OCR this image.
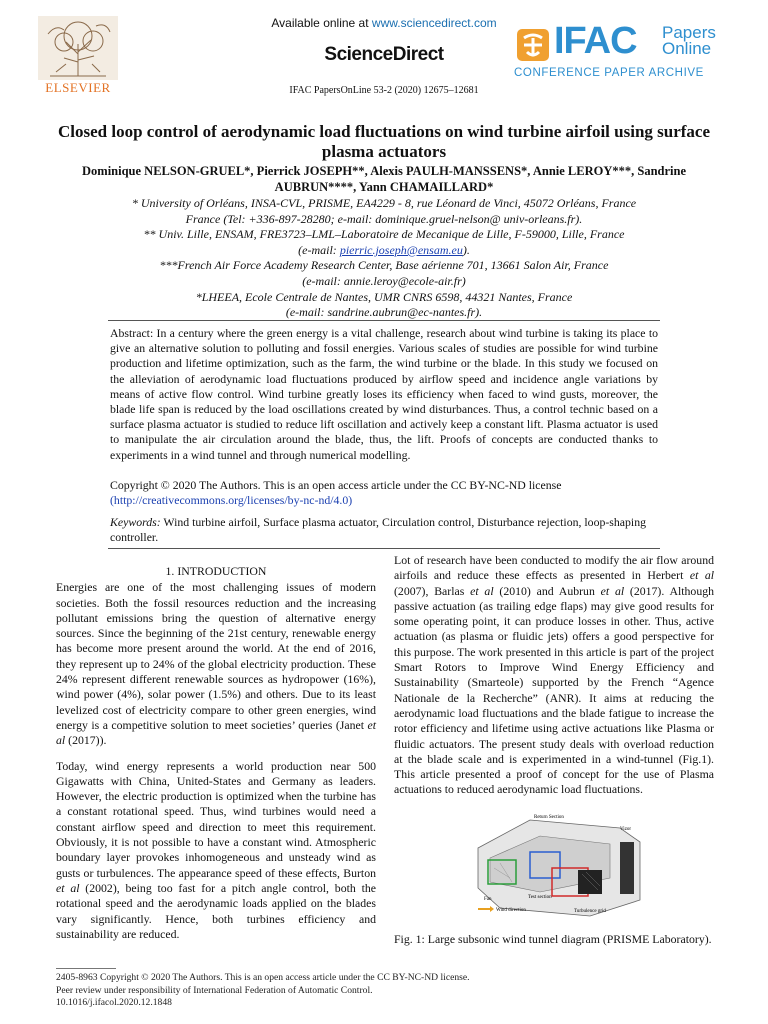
ELSEVIER
Available online at www.sciencedirect.com
ScienceDirect
IFAC PapersOnLine 53-2 (2020) 12675–12681
IFAC Papers
Online
CONFERENCE PAPER ARCHIVE
Closed loop control of aerodynamic load fluctuations on wind turbine airfoil using surface plasma actuators
Dominique NELSON-GRUEL*, Pierrick JOSEPH**, Alexis PAULH-MANSSENS*, Annie LEROY***, Sandrine AUBRUN****, Yann CHAMAILLARD*
* University of Orléans, INSA-CVL, PRISME, EA4229 - 8, rue Léonard de Vinci, 45072 Orléans, France
France (Tel: +336-897-28280; e-mail: dominique.gruel-nelson@ univ-orleans.fr).
** Univ. Lille, ENSAM, FRE3723–LML–Laboratoire de Mecanique de Lille, F-59000, Lille, France
(e-mail: pierric.joseph@ensam.eu).
***French Air Force Academy Research Center, Base aérienne 701, 13661 Salon Air, France
(e-mail: annie.leroy@ecole-air.fr)
*LHEEA, Ecole Centrale de Nantes, UMR CNRS 6598, 44321 Nantes, France
(e-mail: sandrine.aubrun@ec-nantes.fr).
Abstract: In a century where the green energy is a vital challenge, research about wind turbine is taking its place to give an alternative solution to polluting and fossil energies. Various scales of studies are possible for wind turbine production and lifetime optimization, such as the farm, the wind turbine or the blade. In this study we focused on the alleviation of aerodynamic load fluctuations produced by airflow speed and incidence angle variations by means of active flow control. Wind turbine greatly loses its efficiency when faced to wind gusts, moreover, the blade life span is reduced by the load oscillations created by wind disturbances. Thus, a control technic based on a surface plasma actuator is studied to reduce lift oscillation and actively keep a constant lift. Plasma actuator is used to manipulate the air circulation around the blade, thus, the lift. Proofs of concepts are conducted thanks to experiments in a wind tunnel and through numerical modelling.
Copyright © 2020 The Authors. This is an open access article under the CC BY-NC-ND license
(http://creativecommons.org/licenses/by-nc-nd/4.0)
Keywords: Wind turbine airfoil, Surface plasma actuator, Circulation control, Disturbance rejection, loop-shaping controller.

1. INTRODUCTION

Energies are one of the most challenging issues of modern societies. Both the fossil resources reduction and the increasing pollutant emissions bring the question of alternative energy sources. Since the beginning of the 21st century, renewable energy has become more present around the world. At the end of 2016, they represent up to 24% of the global electricity production. These 24% represent different renewable sources as hydropower (16%), wind power (4%), solar power (1.5%) and others. Due to its least levelized cost of electricity compare to other green energies, wind energy is a competitive solution to meet societies’ queries (Janet et al (2017)).

Today, wind energy represents a world production near 500 Gigawatts with China, United-States and Germany as leaders. However, the electric production is optimized when the turbine has a constant rotational speed. Thus, wind turbines would need a constant airflow speed and direction to meet this requirement. Obviously, it is not possible to have a constant wind. Atmospheric boundary layer provokes inhomogeneous and unsteady wind as gusts or turbulences. The appearance speed of these effects, Burton et al (2002), being too fast for a pitch angle control, both the rotational speed and the aerodynamic loads applied on the blades vary significantly. Hence, both turbines efficiency and sustainability are reduced.

Lot of research have been conducted to modify the air flow around airfoils and reduce these effects as presented in Herbert et al (2007), Barlas et al (2010) and Aubrun et al (2017). Although passive actuation (as trailing edge flaps) may give good results for some operating point, it can produce losses in other. Thus, active actuation (as plasma or fluidic jets) offers a good perspective for this purpose. The work presented in this article is part of the project Smart Rotors to Improve Wind Energy Efficiency and Sustainability (Smarteole) supported by the French “Agence Nationale de la Recherche” (ANR). It aims at reducing the aerodynamic load fluctuations and the blade fatigue to increase the rotor efficiency and lifetime using active actuations like Plasma or fluidic actuators. The present study deals with overload reduction at the blade scale and is experimented in a wind-tunnel (Fig.1). This article presented a proof of concept for the use of Plasma actuations to reduced aerodynamic load fluctuations.

Return Section
Vizor
Fan	Test section
Wind direction	Turbulence grid
Fig. 1: Large subsonic wind tunnel diagram (PRISME Laboratory).
2405-8963 Copyright © 2020 The Authors. This is an open access article under the CC BY-NC-ND license.
Peer review under responsibility of International Federation of Automatic Control.
10.1016/j.ifacol.2020.12.1848
